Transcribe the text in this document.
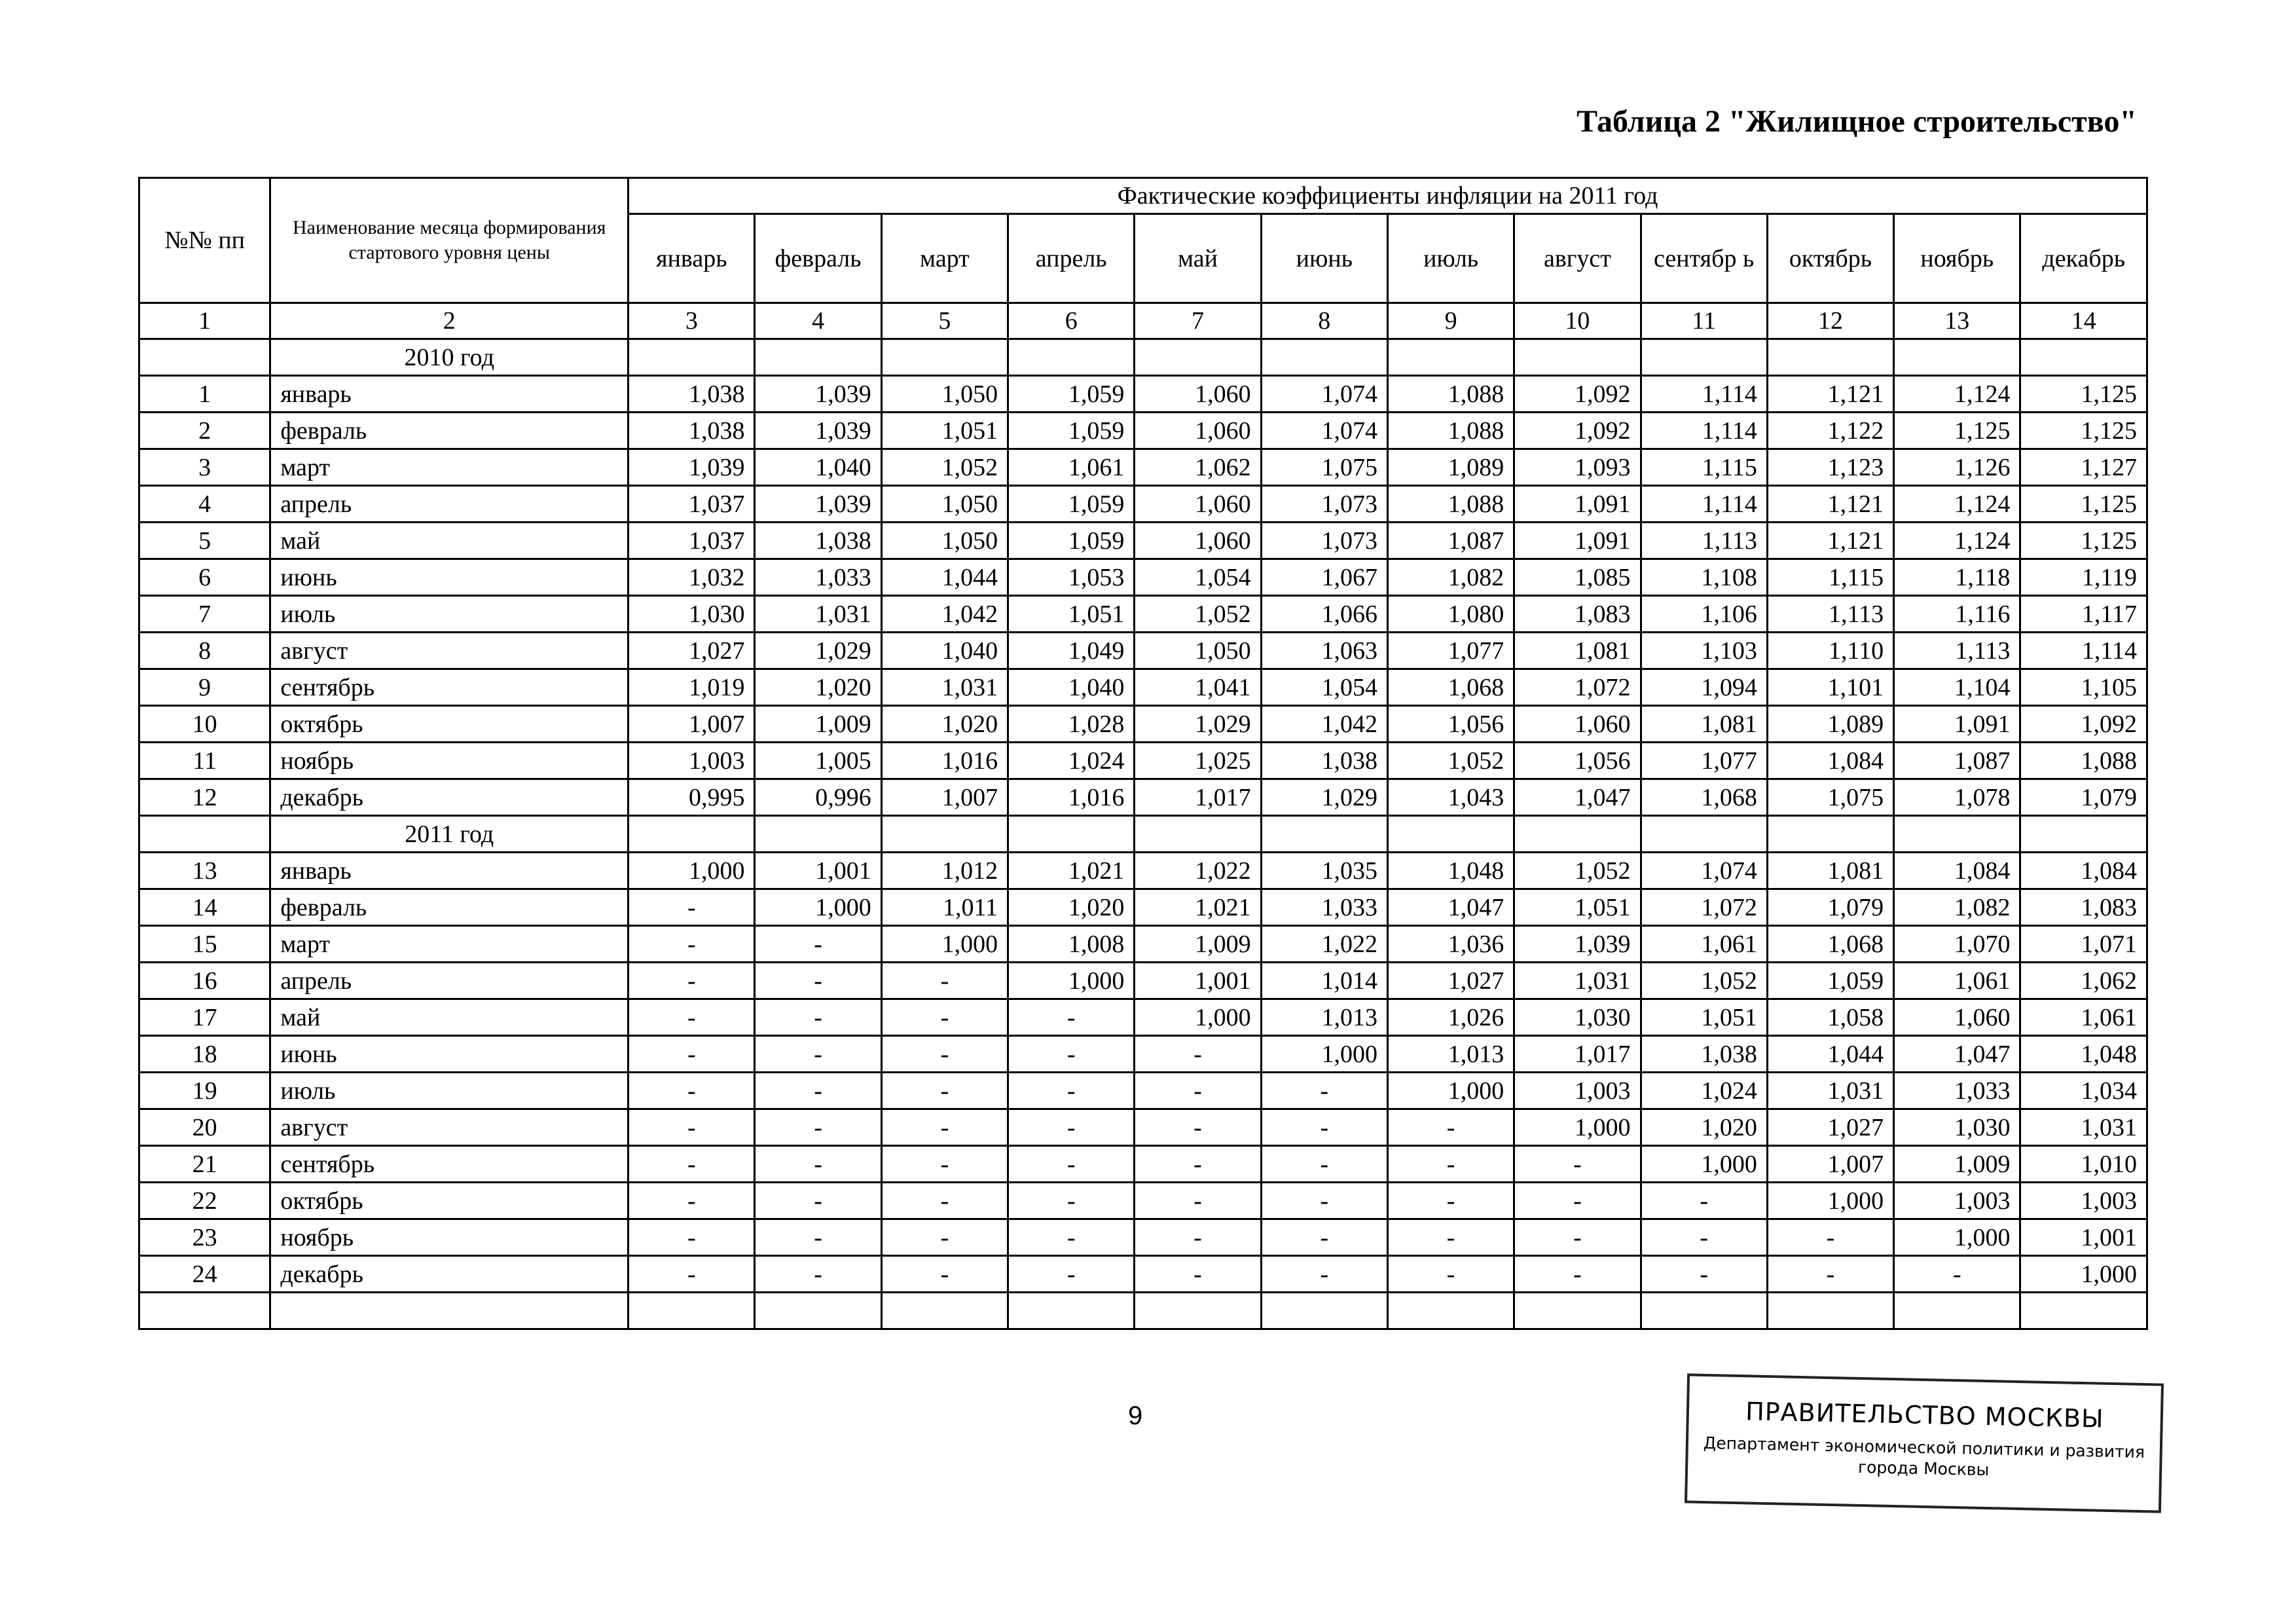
Таблица 2 "Жилищное строительство"
№№ пп	Наименование месяца формирования стартового уровня цены	Фактические коэффициенты инфляции на 2011 год											
		январь	февраль	март	апрель	май	июнь	июль	август	сентябр ь	октябрь	ноябрь	декабрь
1	2	3	4	5	6	7	8	9	10	11	12	13	14
	2010 год												
1	январь	1,038	1,039	1,050	1,059	1,060	1,074	1,088	1,092	1,114	1,121	1,124	1,125
2	февраль	1,038	1,039	1,051	1,059	1,060	1,074	1,088	1,092	1,114	1,122	1,125	1,125
3	март	1,039	1,040	1,052	1,061	1,062	1,075	1,089	1,093	1,115	1,123	1,126	1,127
4	апрель	1,037	1,039	1,050	1,059	1,060	1,073	1,088	1,091	1,114	1,121	1,124	1,125
5	май	1,037	1,038	1,050	1,059	1,060	1,073	1,087	1,091	1,113	1,121	1,124	1,125
6	июнь	1,032	1,033	1,044	1,053	1,054	1,067	1,082	1,085	1,108	1,115	1,118	1,119
7	июль	1,030	1,031	1,042	1,051	1,052	1,066	1,080	1,083	1,106	1,113	1,116	1,117
8	август	1,027	1,029	1,040	1,049	1,050	1,063	1,077	1,081	1,103	1,110	1,113	1,114
9	сентябрь	1,019	1,020	1,031	1,040	1,041	1,054	1,068	1,072	1,094	1,101	1,104	1,105
10	октябрь	1,007	1,009	1,020	1,028	1,029	1,042	1,056	1,060	1,081	1,089	1,091	1,092
11	ноябрь	1,003	1,005	1,016	1,024	1,025	1,038	1,052	1,056	1,077	1,084	1,087	1,088
12	декабрь	0,995	0,996	1,007	1,016	1,017	1,029	1,043	1,047	1,068	1,075	1,078	1,079
	2011 год												
13	январь	1,000	1,001	1,012	1,021	1,022	1,035	1,048	1,052	1,074	1,081	1,084	1,084
14	февраль	-	1,000	1,011	1,020	1,021	1,033	1,047	1,051	1,072	1,079	1,082	1,083
15	март	-	-	1,000	1,008	1,009	1,022	1,036	1,039	1,061	1,068	1,070	1,071
16	апрель	-	-	-	1,000	1,001	1,014	1,027	1,031	1,052	1,059	1,061	1,062
17	май	-	-	-	-	1,000	1,013	1,026	1,030	1,051	1,058	1,060	1,061
18	июнь	-	-	-	-	-	1,000	1,013	1,017	1,038	1,044	1,047	1,048
19	июль	-	-	-	-	-	-	1,000	1,003	1,024	1,031	1,033	1,034
20	август	-	-	-	-	-	-	-	1,000	1,020	1,027	1,030	1,031
21	сентябрь	-	-	-	-	-	-	-	-	1,000	1,007	1,009	1,010
22	октябрь	-	-	-	-	-	-	-	-	-	1,000	1,003	1,003
23	ноябрь	-	-	-	-	-	-	-	-	-	-	1,000	1,001
24	декабрь	-	-	-	-	-	-	-	-	-	-	-	1,000

9	ПРАВИТЕЛЬСТВО МОСКВЫ
Департамент экономической политики и развития
города Москвы
